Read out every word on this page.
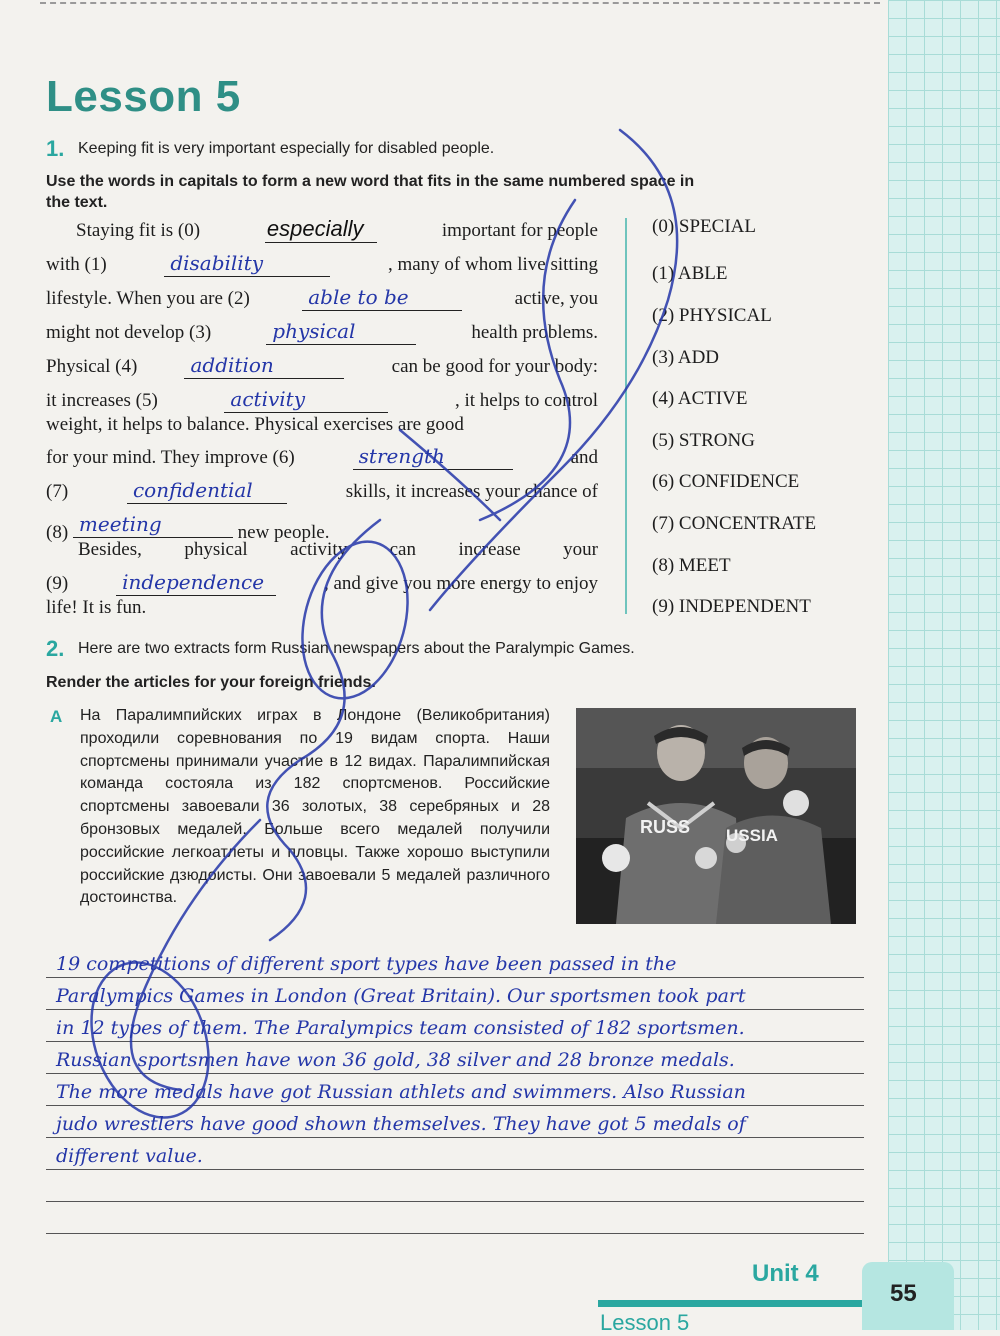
Lesson 5
1. Keeping fit is very important especially for disabled people.
Use the words in capitals to form a new word that fits in the same numbered space in
the text.
Staying fit is (0)	especially	important for people
with (1)	disability	, many of whom live sitting
lifestyle. When you are (2)	able to be	active, you
might not develop (3)	physical	health problems.
Physical (4)	addition	can be good for your body:
it increases (5)	activity	, it helps to control
weight, it helps to balance. Physical exercises are good
for your mind. They improve (6)	strength	and
(7)	confidential	skills, it increases your chance of
(8) meeting	new people.
Besides, physical activity can increase your
(9)	independence	, and give you more energy to enjoy
life! It is fun.
(0) SPECIAL
(1) ABLE
(2) PHYSICAL
(3) ADD
(4) ACTIVE
(5) STRONG
(6) CONFIDENCE
(7) CONCENTRATE
(8) MEET
(9) INDEPENDENT
2. Here are two extracts form Russian newspapers about the Paralympic Games.
Render the articles for your foreign friends.
A На Паралимпийских играх в Лондоне (Великобритания) проходили соревнования по 19 видам спорта. Наши спортсмены принимали участие в 12 видах. Паралимпийская команда состояла из 182 спортсменов. Российские спортсмены завоевали 36 золотых, 38 серебряных и 28 бронзовых медалей. Больше всего медалей получили российские легкоатлеты и пловцы. Также хорошо выступили российские дзюдоисты. Они завоевали 5 медалей различного достоинства.
RUSS USSIA
19 competitions of different sport types have been passed in the
Paralympics Games in London (Great Britain). Our sportsmen took part
in 12 types of them. The Paralympics team consisted of 182 sportsmen.
Russian sportsmen have won 36 gold, 38 silver and 28 bronze medals.
The more medals have got Russian athlets and swimmers. Also Russian
judo wrestlers have good shown themselves. They have got 5 medals of
different value.
Unit 4
Lesson 5
55
